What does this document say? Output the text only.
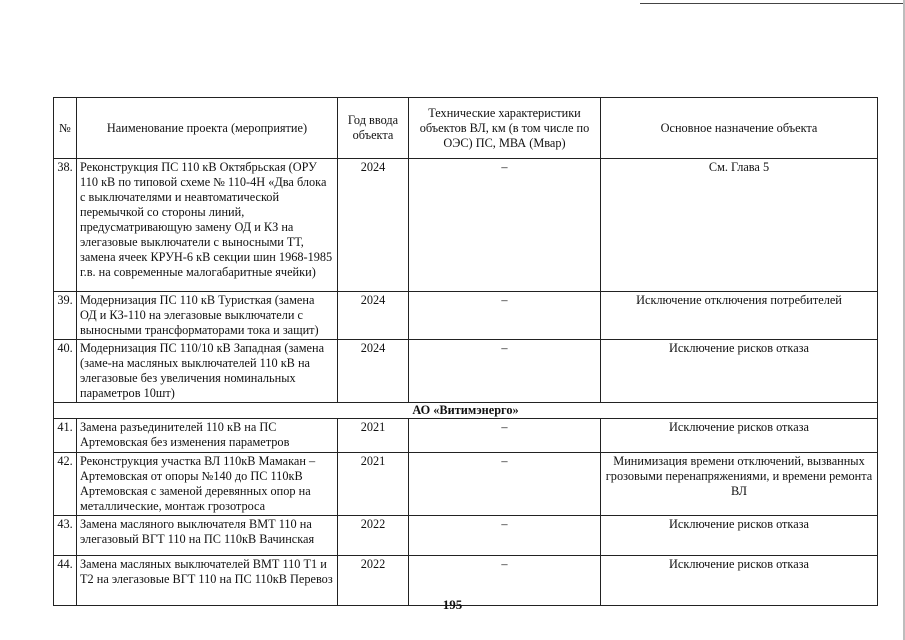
№	Наименование проекта (мероприятие)	Год ввода объекта	Технические характеристики объектов ВЛ, км (в том числе по ОЭС) ПС, МВА (Мвар)	Основное назначение объекта
38.	Реконструкция ПС 110 кВ Октябрьская (ОРУ 110 кВ по типовой схеме № 110-4Н «Два блока с выключателями и неавтоматической перемычкой со стороны линий, предусматривающую замену ОД и КЗ на элегазовые выключатели с выносными ТТ, замена ячеек КРУН-6 кВ секции шин 1968-1985 г.в. на современные малогабаритные ячейки)	2024	–	См. Глава 5
39.	Модернизация ПС 110 кВ Туристкая (замена ОД и КЗ-110 на элегазовые выключатели с выносными трансформаторами тока и защит)	2024	–	Исключение отключения потребителей
40.	Модернизация ПС 110/10 кВ Западная (замена (заме-на масляных выключателей 110 кВ на элегазовые без увеличения номинальных параметров 10шт)	2024	–	Исключение рисков отказа
АО «Витимэнерго»				
41.	Замена разъединителей 110 кВ на ПС Артемовская без изменения параметров	2021	–	Исключение рисков отказа
42.	Реконструкция участка ВЛ 110кВ Мамакан – Артемовская от опоры №140 до ПС 110кВ Артемовская с заменой деревянных опор на металлические, монтаж грозотроса	2021	–	Минимизация времени отключений, вызванных грозовыми перенапряжениями, и времени ремонта ВЛ
43.	Замена масляного выключателя ВМТ 110 на элегазовый ВГТ 110 на ПС 110кВ Вачинская	2022	–	Исключение рисков отказа
44.	Замена масляных выключателей ВМТ 110 Т1 и Т2 на элегазовые ВГТ 110 на ПС 110кВ Перевоз	2022	–	Исключение рисков отказа
195
